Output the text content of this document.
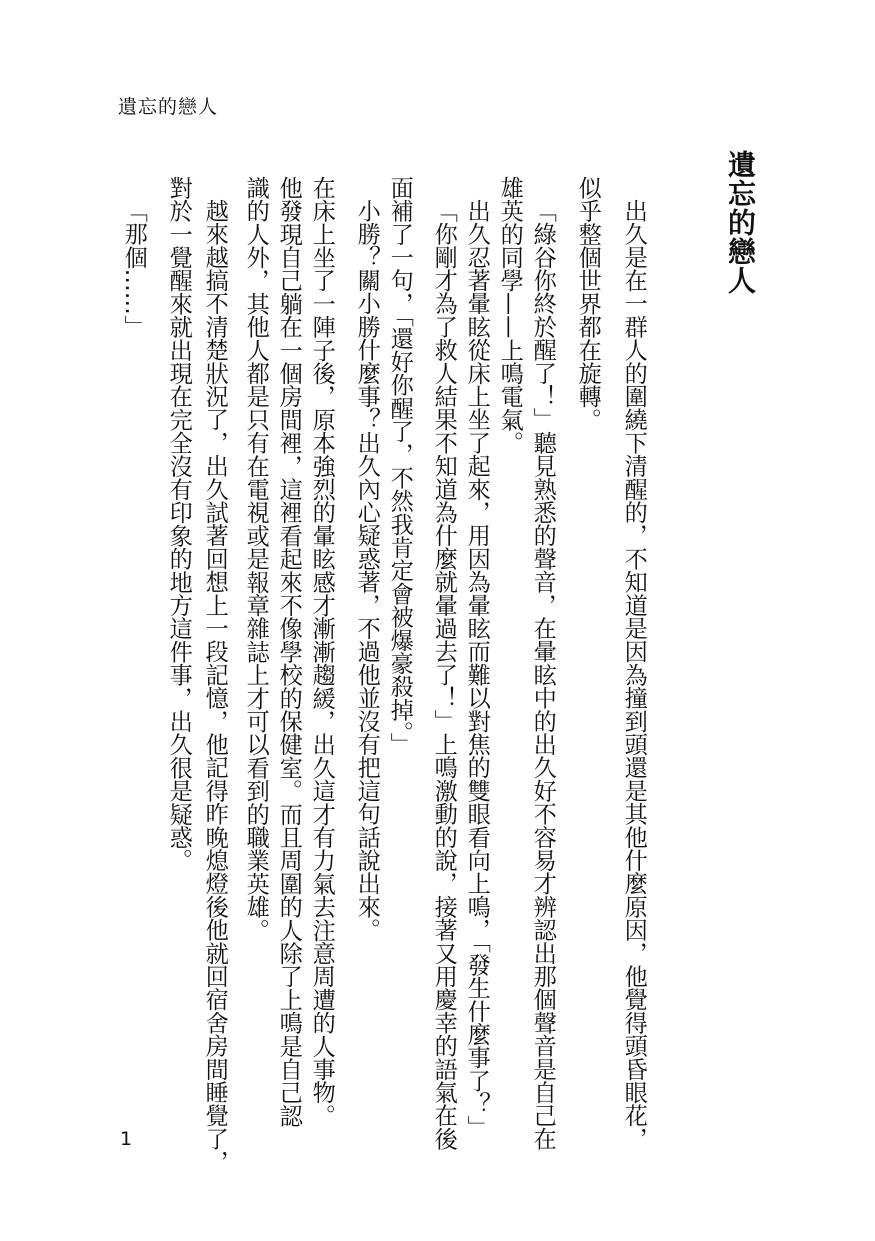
遺忘的戀人
遺忘的戀人
出久是在一群人的圍繞下清醒的，不知道是因為撞到頭還是其他什麼原因，他覺得頭昏眼花，
似乎整個世界都在旋轉。
「綠谷你終於醒了！」聽見熟悉的聲音，在暈眩中的出久好不容易才辨認出那個聲音是自己在
雄英的同學——上鳴電氣。
出久忍著暈眩從床上坐了起來，用因為暈眩而難以對焦的雙眼看向上鳴，「發生什麼事了？」
「你剛才為了救人結果不知道為什麼就暈過去了！」上鳴激動的說，接著又用慶幸的語氣在後
面補了一句，「還好你醒了，不然我肯定會被爆豪殺掉。」
小勝？關小勝什麼事？出久內心疑惑著，不過他並沒有把這句話說出來。
在床上坐了一陣子後，原本強烈的暈眩感才漸漸趨緩，出久這才有力氣去注意周遭的人事物。
他發現自己躺在一個房間裡，這裡看起來不像學校的保健室。而且周圍的人除了上鳴是自己認
識的人外，其他人都是只有在電視或是報章雜誌上才可以看到的職業英雄。
越來越搞不清楚狀況了，出久試著回想上一段記憶，他記得昨晚熄燈後他就回宿舍房間睡覺了，
對於一覺醒來就出現在完全沒有印象的地方這件事，出久很是疑惑。
「那個……」
1
